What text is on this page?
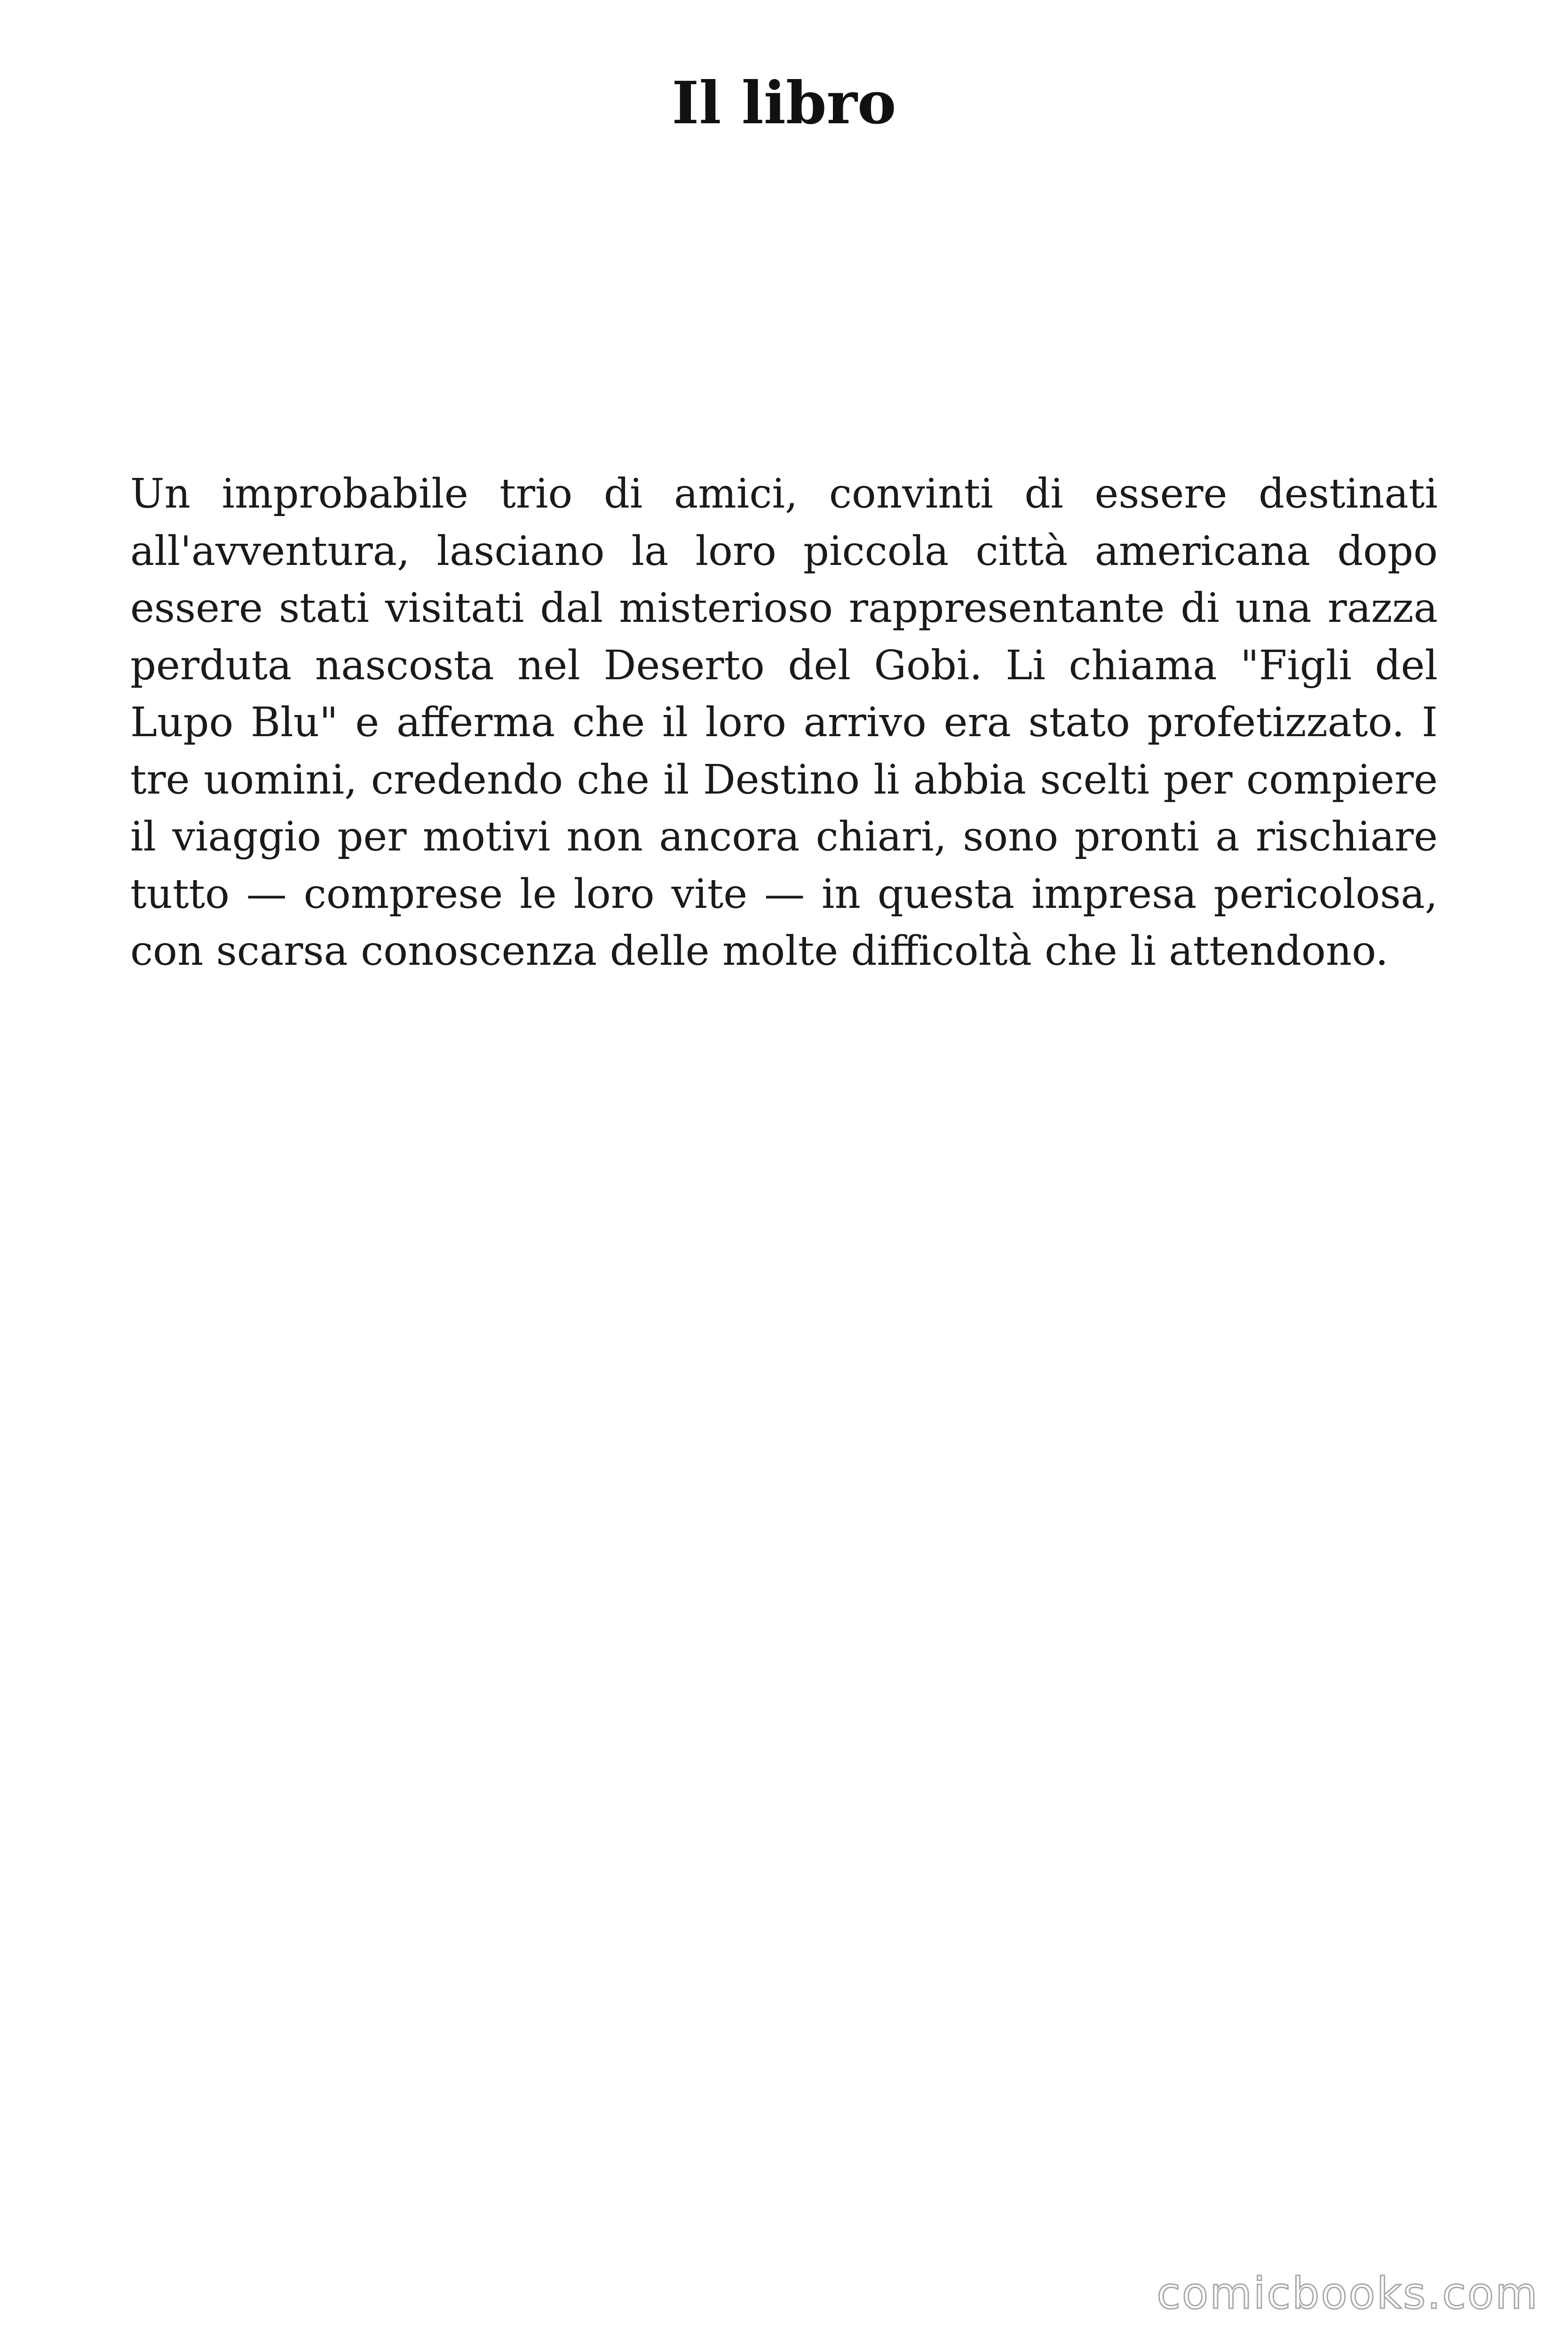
Il libro

Un improbabile trio di amici, convinti di essere destinati all'avventura, lasciano la loro piccola città americana dopo essere stati visitati dal misterioso rappresentante di una razza perduta nascosta nel Deserto del Gobi. Li chiama "Figli del Lupo Blu" e afferma che il loro arrivo era stato profetizzato. I tre uomini, credendo che il Destino li abbia scelti per compiere il viaggio per motivi non ancora chiari, sono pronti a rischiare tutto — comprese le loro vite — in questa impresa pericolosa, con scarsa conoscenza delle molte difficoltà che li attendono.

comicbooks.com
